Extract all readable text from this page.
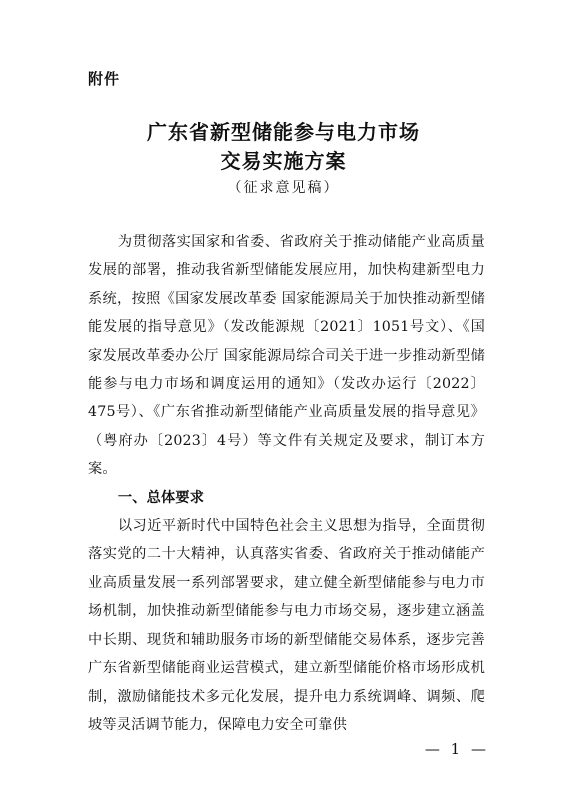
附件
广东省新型储能参与电力市场
交易实施方案
（征求意见稿）

为贯彻落实国家和省委、省政府关于推动储能产业高质量发展的部署，推动我省新型储能发展应用，加快构建新型电力系统，按照《国家发展改革委 国家能源局关于加快推动新型储能发展的指导意见》（发改能源规〔2021〕1051号文）、《国家发展改革委办公厅 国家能源局综合司关于进一步推动新型储能参与电力市场和调度运用的通知》（发改办运行〔2022〕475号）、《广东省推动新型储能产业高质量发展的指导意见》（粤府办〔2023〕4号）等文件有关规定及要求，制订本方案。

一、总体要求

以习近平新时代中国特色社会主义思想为指导，全面贯彻落实党的二十大精神，认真落实省委、省政府关于推动储能产业高质量发展一系列部署要求，建立健全新型储能参与电力市场机制，加快推动新型储能参与电力市场交易，逐步建立涵盖中长期、现货和辅助服务市场的新型储能交易体系，逐步完善广东省新型储能商业运营模式，建立新型储能价格市场形成机制，激励储能技术多元化发展，提升电力系统调峰、调频、爬坡等灵活调节能力，保障电力安全可靠供

— 1 —
